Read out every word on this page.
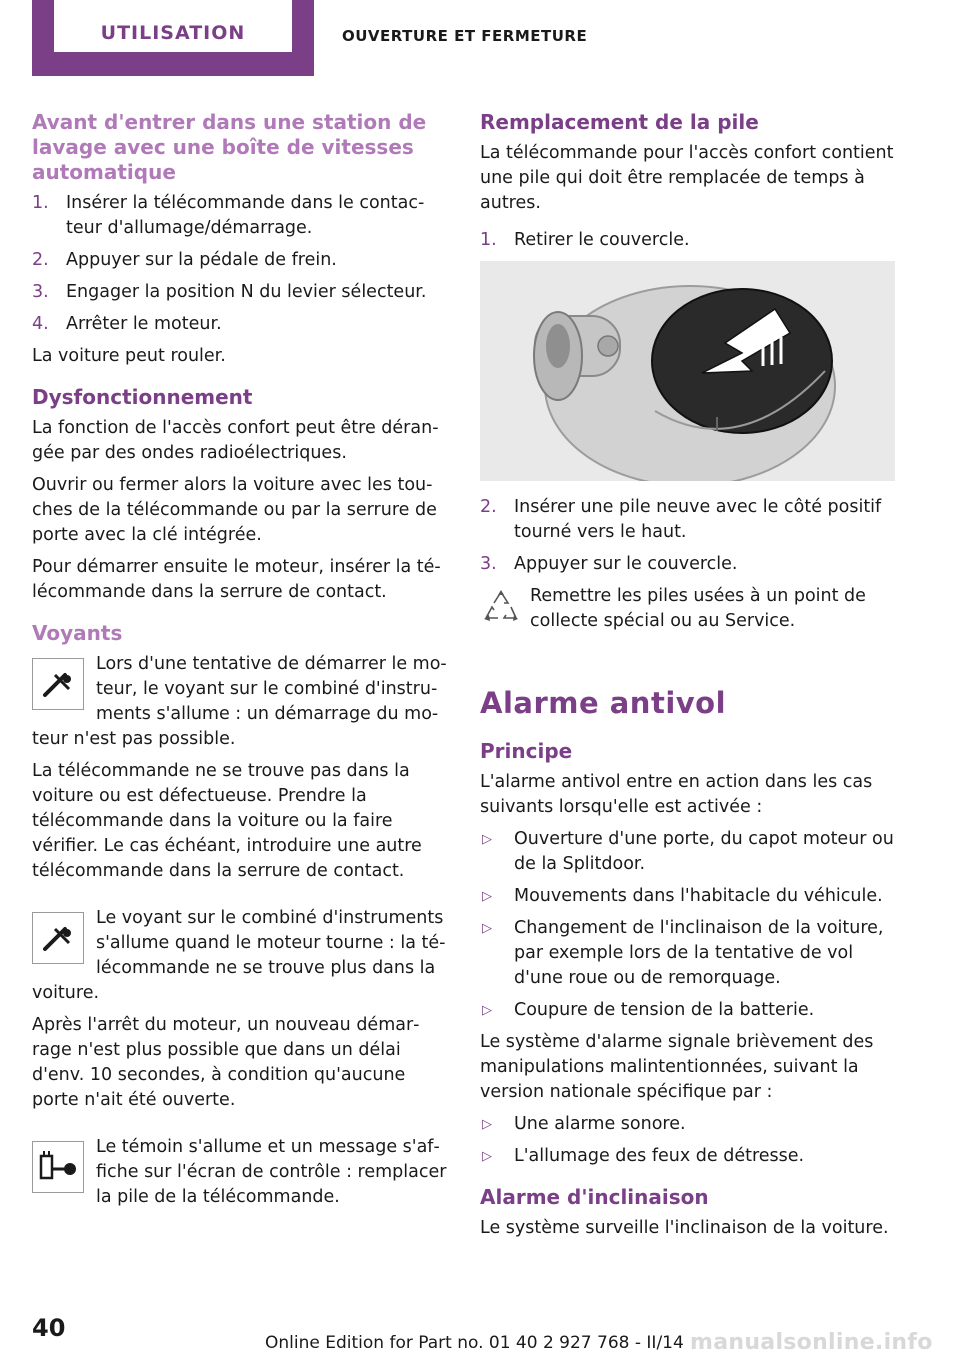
UTILISATION	OUVERTURE ET FERMETURE
Avant d'entrer dans une station de lavage avec une boîte de vitesses automatique
1. Insérer la télécommande dans le contacteur d'allumage/démarrage.
2. Appuyer sur la pédale de frein.
3. Engager la position N du levier sélecteur.
4. Arrêter le moteur.

La voiture peut rouler.

Dysfonctionnement

La fonction de l'accès confort peut être dérangée par des ondes radioélectriques.

Ouvrir ou fermer alors la voiture avec les touches de la télécommande ou par la serrure de porte avec la clé intégrée.

Pour démarrer ensuite le moteur, insérer la télécommande dans la serrure de contact.

Voyants

Lors d'une tentative de démarrer le moteur, le voyant sur le combiné d'instruments s'allume : un démarrage du moteur n'est pas possible.

La télécommande ne se trouve pas dans la voiture ou est défectueuse. Prendre la télécommande dans la voiture ou la faire vérifier. Le cas échéant, introduire une autre télécommande dans la serrure de contact.

Le voyant sur le combiné d'instruments s'allume quand le moteur tourne : la télécommande ne se trouve plus dans la voiture.

Après l'arrêt du moteur, un nouveau démarrage n'est plus possible que dans un délai d'env. 10 secondes, à condition qu'aucune porte n'ait été ouverte.

Le témoin s'allume et un message s'affiche sur l'écran de contrôle : remplacer la pile de la télécommande.

Remplacement de la pile

La télécommande pour l'accès confort contient une pile qui doit être remplacée de temps à autres.

1. Retirer le couvercle.
2. Insérer une pile neuve avec le côté positif tourné vers le haut.
3. Appuyer sur le couvercle.

Remettre les piles usées à un point de collecte spécial ou au Service.

Alarme antivol
Principe

L'alarme antivol entre en action dans les cas suivants lorsqu'elle est activée :

▷ Ouverture d'une porte, du capot moteur ou de la Splitdoor.
▷ Mouvements dans l'habitacle du véhicule.
▷ Changement de l'inclinaison de la voiture, par exemple lors de la tentative de vol d'une roue ou de remorquage.
▷ Coupure de tension de la batterie.

Le système d'alarme signale brièvement des manipulations malintentionnées, suivant la version nationale spécifique par :

▷ Une alarme sonore.
▷ L'allumage des feux de détresse.
Alarme d'inclinaison

Le système surveille l'inclinaison de la voiture.

40
Online Edition for Part no. 01 40 2 927 768 - II/14 manualsonline.info
